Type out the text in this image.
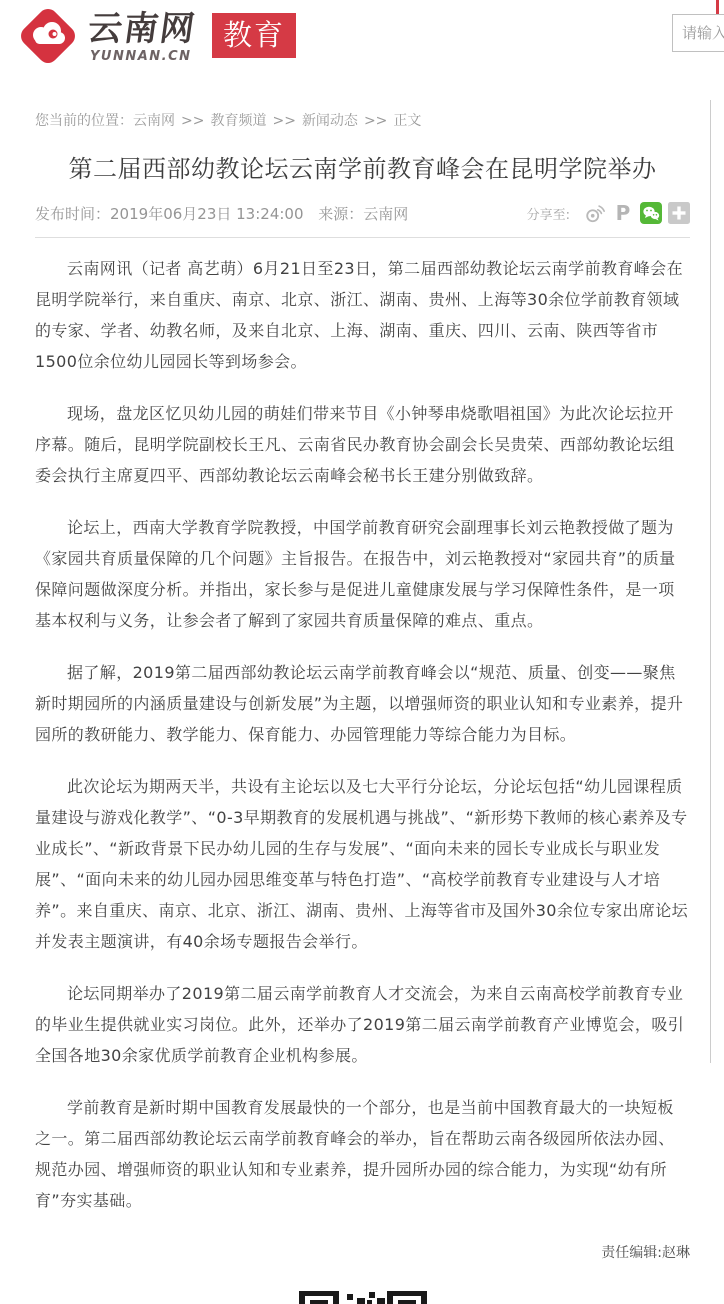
云南网
YUNNAN.CN
教育
请输入关键词
您当前的位置：云南网 >> 教育频道 >> 新闻动态 >> 正文
第二届西部幼教论坛云南学前教育峰会在昆明学院举办
发布时间：2019年06月23日 13:24:00 来源：云南网	分享至: P

云南网讯（记者 高艺萌）6月21日至23日，第二届西部幼教论坛云南学前教育峰会在昆明学院举行，来自重庆、南京、北京、浙江、湖南、贵州、上海等30余位学前教育领域的专家、学者、幼教名师，及来自北京、上海、湖南、重庆、四川、云南、陕西等省市1500位余位幼儿园园长等到场参会。

现场，盘龙区忆贝幼儿园的萌娃们带来节目《小钟琴串烧歌唱祖国》为此次论坛拉开序幕。随后，昆明学院副校长王凡、云南省民办教育协会副会长吴贵荣、西部幼教论坛组委会执行主席夏四平、西部幼教论坛云南峰会秘书长王建分别做致辞。

论坛上，西南大学教育学院教授，中国学前教育研究会副理事长刘云艳教授做了题为《家园共育质量保障的几个问题》主旨报告。在报告中，刘云艳教授对“家园共育”的质量保障问题做深度分析。并指出，家长参与是促进儿童健康发展与学习保障性条件，是一项基本权利与义务，让参会者了解到了家园共育质量保障的难点、重点。

据了解，2019第二届西部幼教论坛云南学前教育峰会以“规范、质量、创变——聚焦新时期园所的内涵质量建设与创新发展”为主题，以增强师资的职业认知和专业素养，提升园所的教研能力、教学能力、保育能力、办园管理能力等综合能力为目标。

此次论坛为期两天半，共设有主论坛以及七大平行分论坛，分论坛包括“幼儿园课程质量建设与游戏化教学”、“0-3早期教育的发展机遇与挑战”、“新形势下教师的核心素养及专业成长”、“新政背景下民办幼儿园的生存与发展”、“面向未来的园长专业成长与职业发展”、“面向未来的幼儿园办园思维变革与特色打造”、“高校学前教育专业建设与人才培养”。来自重庆、南京、北京、浙江、湖南、贵州、上海等省市及国外30余位专家出席论坛并发表主题演讲，有40余场专题报告会举行。

论坛同期举办了2019第二届云南学前教育人才交流会，为来自云南高校学前教育专业的毕业生提供就业实习岗位。此外，还举办了2019第二届云南学前教育产业博览会，吸引全国各地30余家优质学前教育企业机构参展。

学前教育是新时期中国教育发展最快的一个部分，也是当前中国教育最大的一块短板之一。第二届西部幼教论坛云南学前教育峰会的举办，旨在帮助云南各级园所依法办园、规范办园、增强师资的职业认知和专业素养，提升园所办园的综合能力，为实现“幼有所育”夯实基础。

责任编辑:赵琳
